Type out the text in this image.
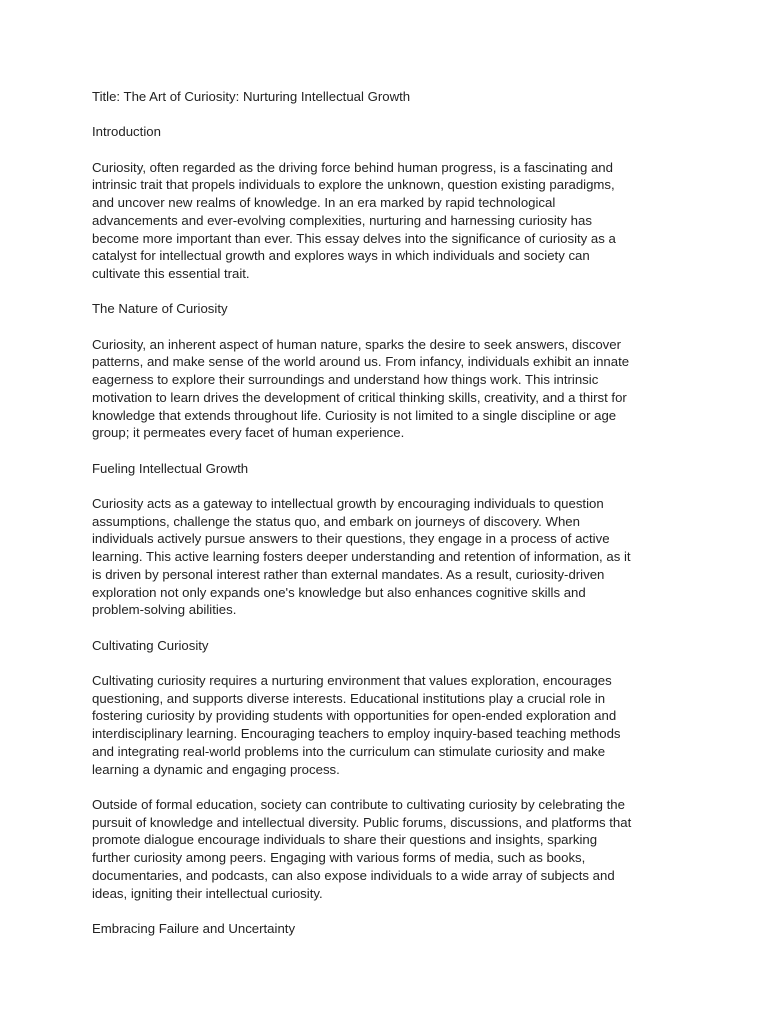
Title: The Art of Curiosity: Nurturing Intellectual Growth
Introduction
Curiosity, often regarded as the driving force behind human progress, is a fascinating and
intrinsic trait that propels individuals to explore the unknown, question existing paradigms,
and uncover new realms of knowledge. In an era marked by rapid technological
advancements and ever-evolving complexities, nurturing and harnessing curiosity has
become more important than ever. This essay delves into the significance of curiosity as a
catalyst for intellectual growth and explores ways in which individuals and society can
cultivate this essential trait.
The Nature of Curiosity
Curiosity, an inherent aspect of human nature, sparks the desire to seek answers, discover
patterns, and make sense of the world around us. From infancy, individuals exhibit an innate
eagerness to explore their surroundings and understand how things work. This intrinsic
motivation to learn drives the development of critical thinking skills, creativity, and a thirst for
knowledge that extends throughout life. Curiosity is not limited to a single discipline or age
group; it permeates every facet of human experience.
Fueling Intellectual Growth
Curiosity acts as a gateway to intellectual growth by encouraging individuals to question
assumptions, challenge the status quo, and embark on journeys of discovery. When
individuals actively pursue answers to their questions, they engage in a process of active
learning. This active learning fosters deeper understanding and retention of information, as it
is driven by personal interest rather than external mandates. As a result, curiosity-driven
exploration not only expands one's knowledge but also enhances cognitive skills and
problem-solving abilities.
Cultivating Curiosity
Cultivating curiosity requires a nurturing environment that values exploration, encourages
questioning, and supports diverse interests. Educational institutions play a crucial role in
fostering curiosity by providing students with opportunities for open-ended exploration and
interdisciplinary learning. Encouraging teachers to employ inquiry-based teaching methods
and integrating real-world problems into the curriculum can stimulate curiosity and make
learning a dynamic and engaging process.
Outside of formal education, society can contribute to cultivating curiosity by celebrating the
pursuit of knowledge and intellectual diversity. Public forums, discussions, and platforms that
promote dialogue encourage individuals to share their questions and insights, sparking
further curiosity among peers. Engaging with various forms of media, such as books,
documentaries, and podcasts, can also expose individuals to a wide array of subjects and
ideas, igniting their intellectual curiosity.
Embracing Failure and Uncertainty
